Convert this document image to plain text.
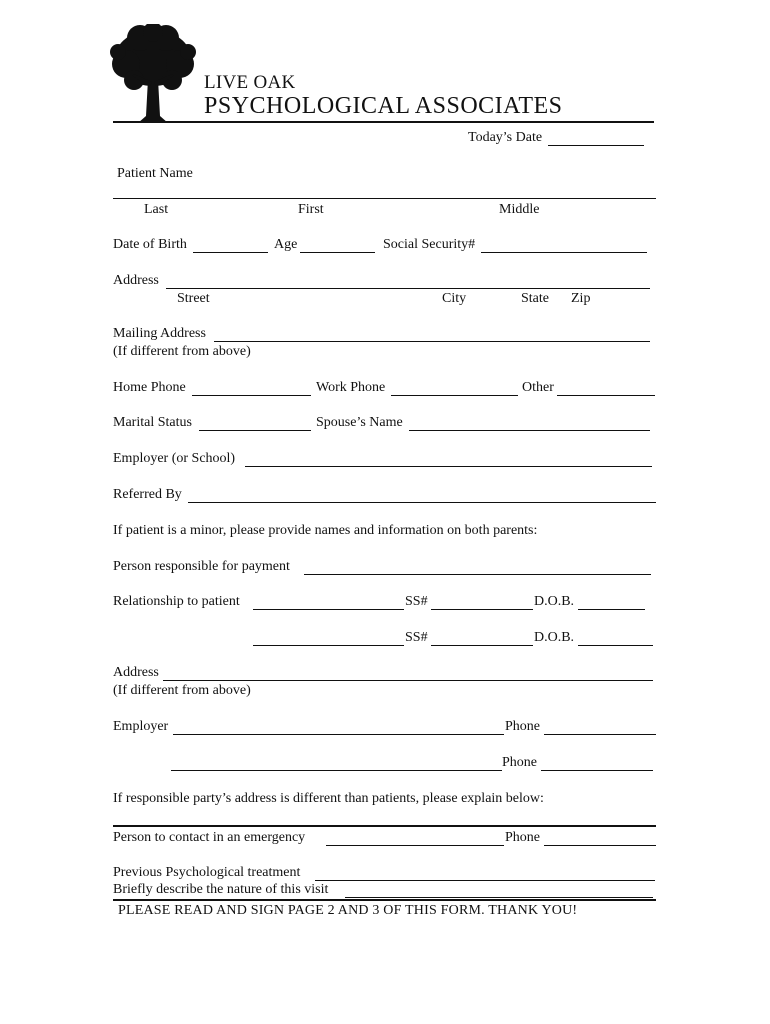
LIVE OAK
PSYCHOLOGICAL ASSOCIATES
Today’s Date
Patient Name
Last	First	Middle
Date of Birth	Age	Social Security#
Address
Street	City	State Zip
Mailing Address
(If different from above)
Home Phone	Work Phone	Other
Marital Status	Spouse’s Name
Employer (or School)
Referred By
If patient is a minor, please provide names and information on both parents:
Person responsible for payment
Relationship to patient	SS#	D.O.B.
SS#	D.O.B.
Address
(If different from above)
Employer	Phone
Phone
If responsible party’s address is different than patients, please explain below:
Person to contact in an emergency	Phone
Previous Psychological treatment
Briefly describe the nature of this visit
PLEASE READ AND SIGN PAGE 2 AND 3 OF THIS FORM. THANK YOU!
